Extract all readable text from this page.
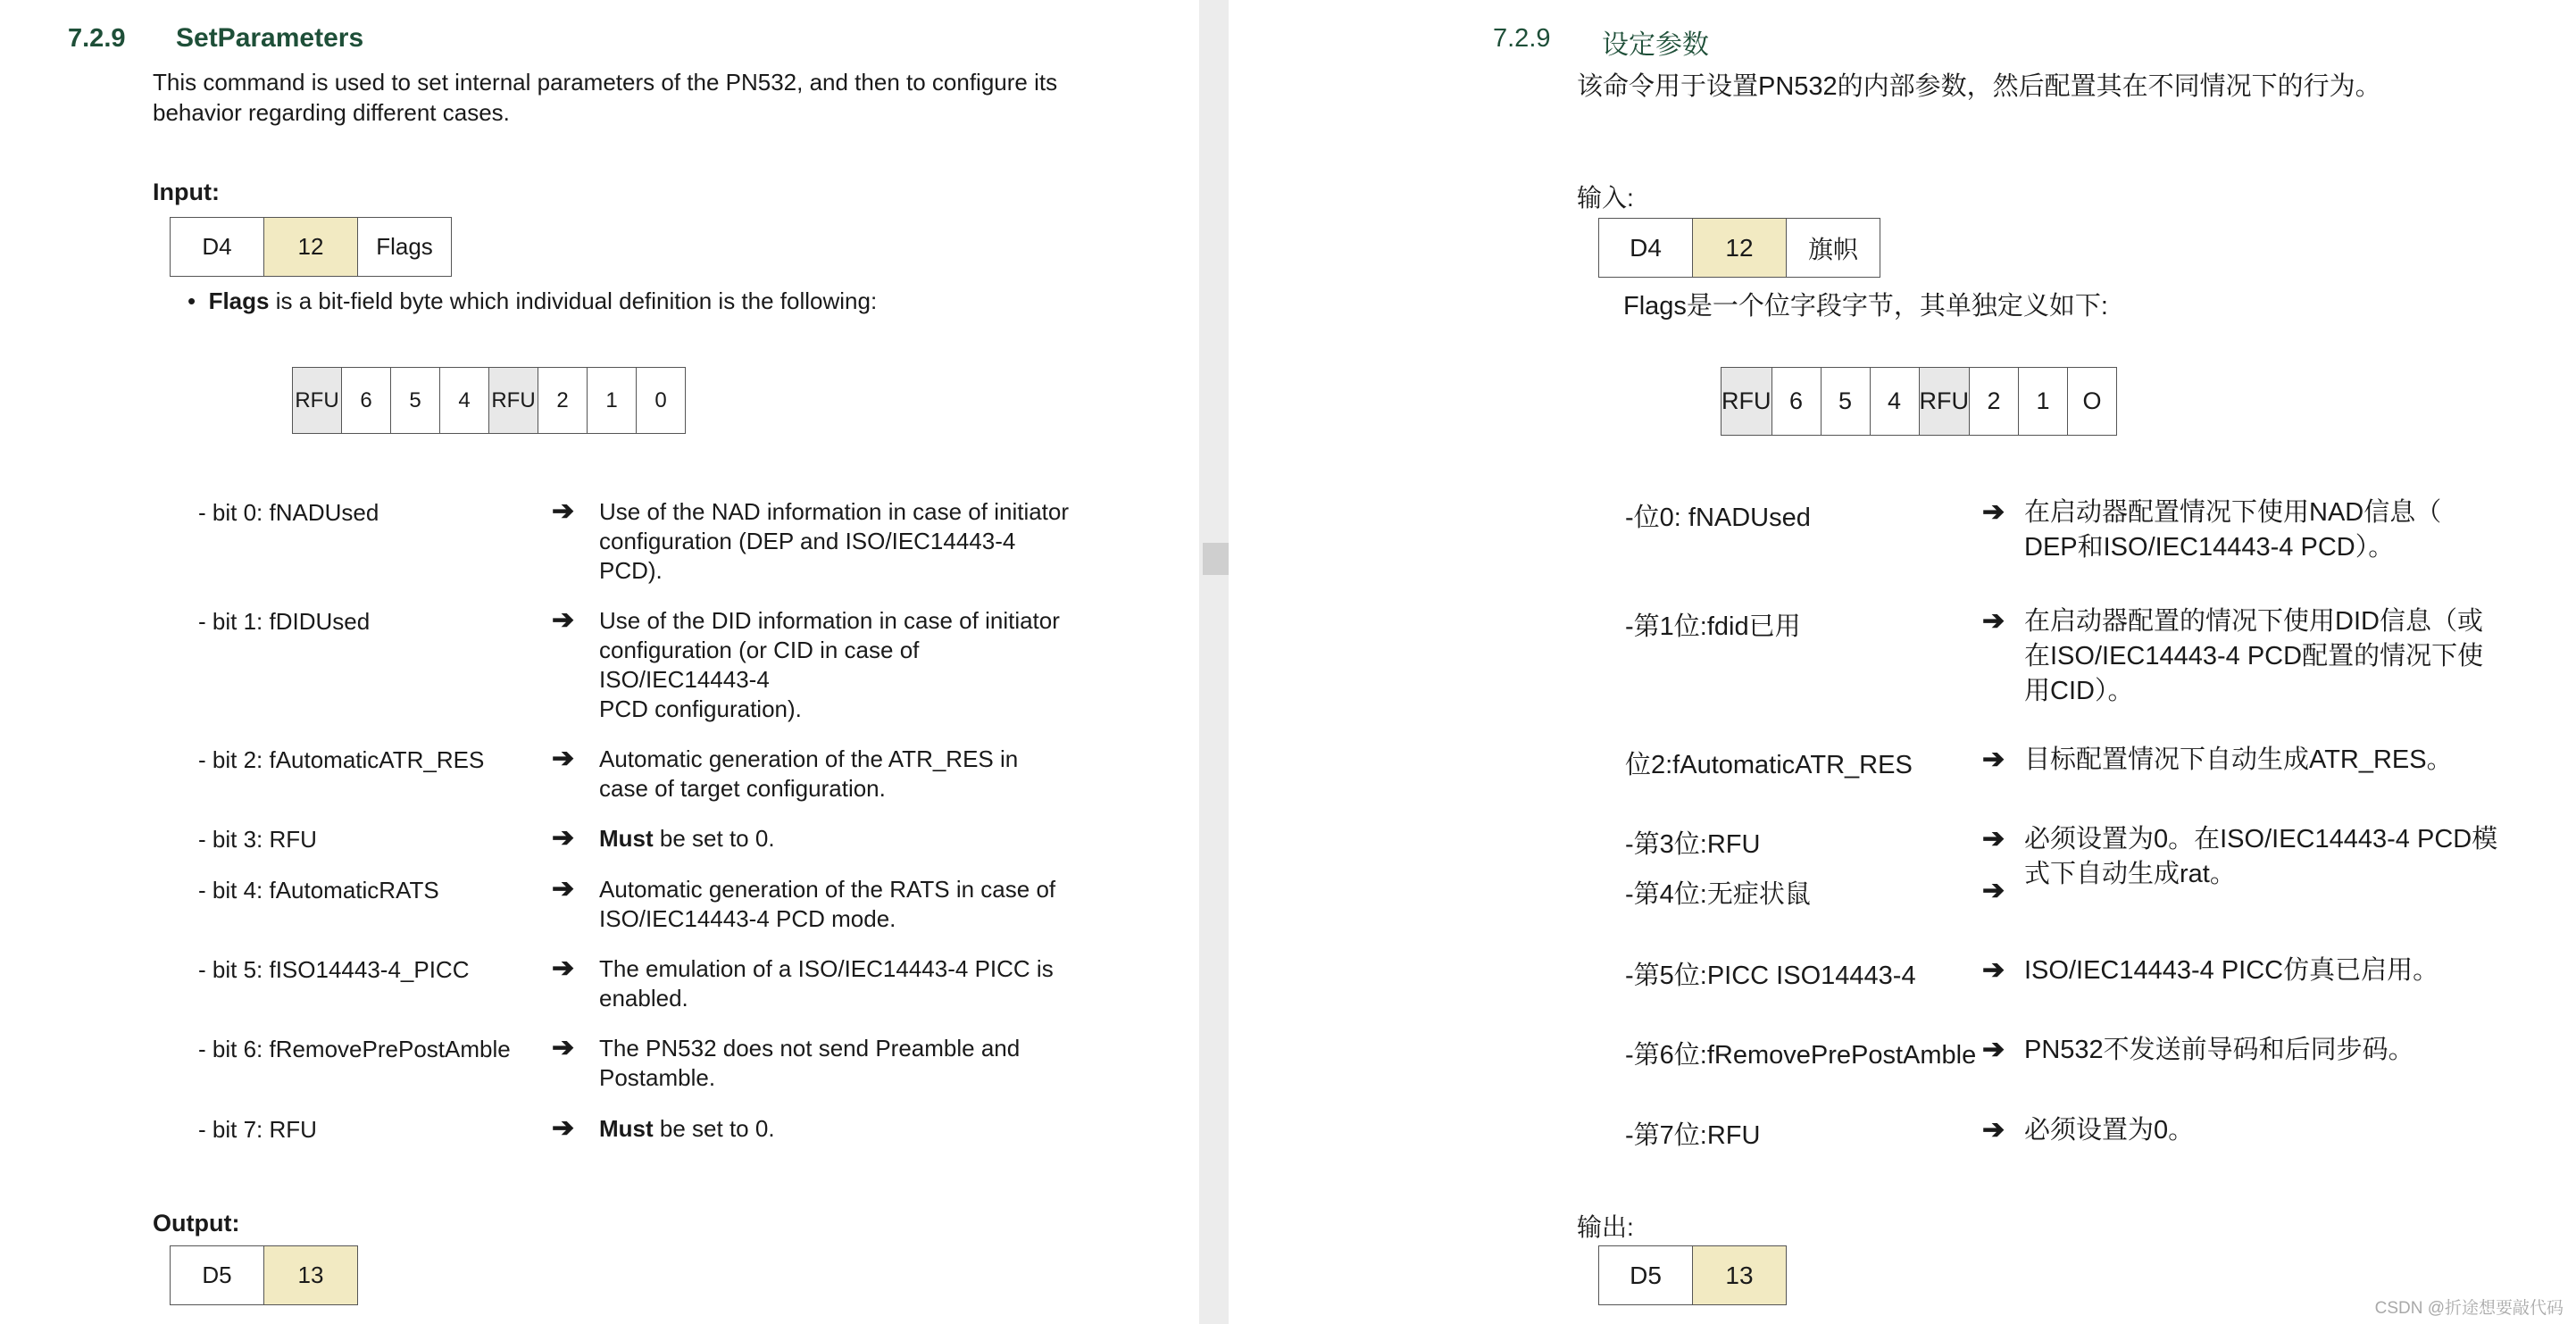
7.2.9 SetParameters
This command is used to set internal parameters of the PN532, and then to configure its behavior regarding different cases.
Input:
D4	12	Flags
•  Flags is a bit-field byte which individual definition is the following:
RFU	6	5	4	RFU	2	1	0
- bit 0: fNADUsed	➔ Use of the NAD information in case of initiator
configuration (DEP and ISO/IEC14443-4
PCD).
- bit 1: fDIDUsed	➔ Use of the DID information in case of initiator
configuration (or CID in case of
ISO/IEC14443-4
PCD configuration).
- bit 2: fAutomaticATR_RES	➔ Automatic generation of the ATR_RES in
case of target configuration.
- bit 3: RFU	➔ Must be set to 0.
- bit 4: fAutomaticRATS	➔ Automatic generation of the RATS in case of
ISO/IEC14443-4 PCD mode.
- bit 5: fISO14443-4_PICC	➔ The emulation of a ISO/IEC14443-4 PICC is
enabled.
- bit 6: fRemovePrePostAmble ➔ The PN532 does not send Preamble and
Postamble.
- bit 7: RFU	➔ Must be set to 0.
Output:
D5	13
7.2.9 设定参数
该命令用于设置PN532的内部参数，然后配置其在不同情况下的行为。
输入:
D4	12	旗帜
Flags是一个位字段字节，其单独定义如下:
RFU	6	5	4	RFU	2	1	O
-位0: fNADUsed	➔ 在启动器配置情况下使用NAD信息（
DEP和ISO/IEC14443-4 PCD）。
-第1位:fdid已用	➔ 在启动器配置的情况下使用DID信息（或
在ISO/IEC14443-4 PCD配置的情况下使
用CID）。
位2:fAutomaticATR_RES	➔ 目标配置情况下自动生成ATR_RES。
-第3位:RFU	➔ 必须设置为0。在ISO/IEC14443-4 PCD模
式下自动生成rat。
-第4位:无症状鼠	➔
-第5位:PICC ISO14443-4 ➔ ISO/IEC14443-4 PICC仿真已启用。
-第6位:fRemovePrePostAmble ➔ PN532不发送前导码和后同步码。
-第7位:RFU	➔ 必须设置为0。
输出:
D5	13
CSDN @折途想要敲代码
